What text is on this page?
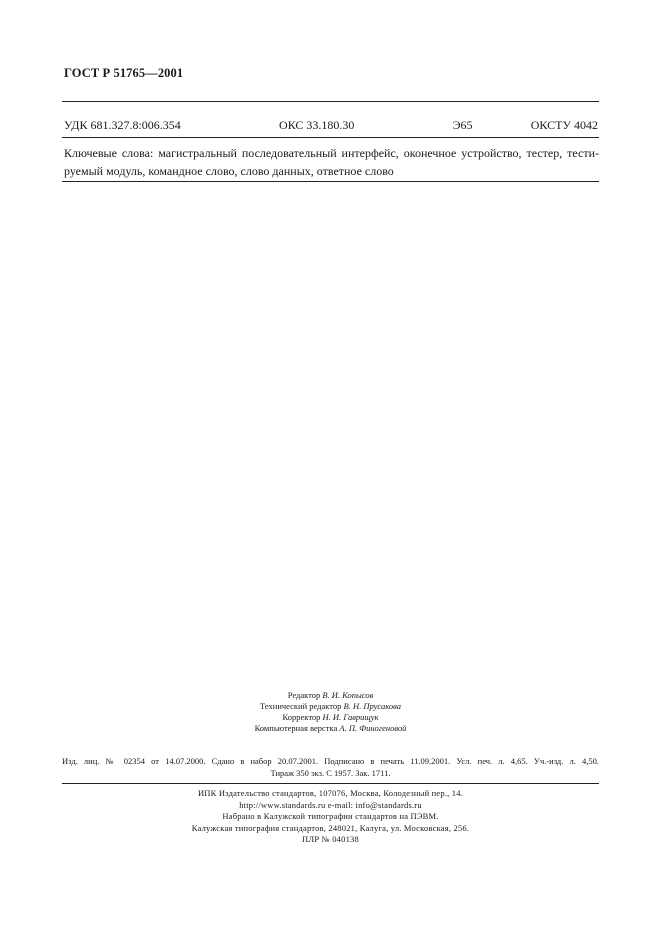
ГОСТ Р 51765—2001
УДК 681.327.8:006.354	ОКС 33.180.30	Э65	ОКСТУ 4042
Ключевые слова: магистральный последовательный интерфейс, оконечное устройство, тестер, тести-
руемый модуль, командное слово, слово данных, ответное слово
Редактор В. И. Копысов
Технический редактор В. Н. Прусакова
Корректор Н. И. Гаврищук
Компьютерная верстка А. П. Финогеновой
Изд. лиц. № 02354 от 14.07.2000. Сдано в набор 20.07.2001. Подписано в печать 11.09.2001. Усл. печ. л. 4,65. Уч.-изд. л. 4,50.
Тираж 350 экз. С 1957. Зак. 1711.
ИПК Издательство стандартов, 107076, Москва, Колодезный пер., 14.
http://www.standards.ru e-mail: info@standards.ru
Набрано в Калужской типографии стандартов на ПЭВМ.
Калужская типография стандартов, 248021, Калуга, ул. Московская, 256.
ПЛР № 040138
